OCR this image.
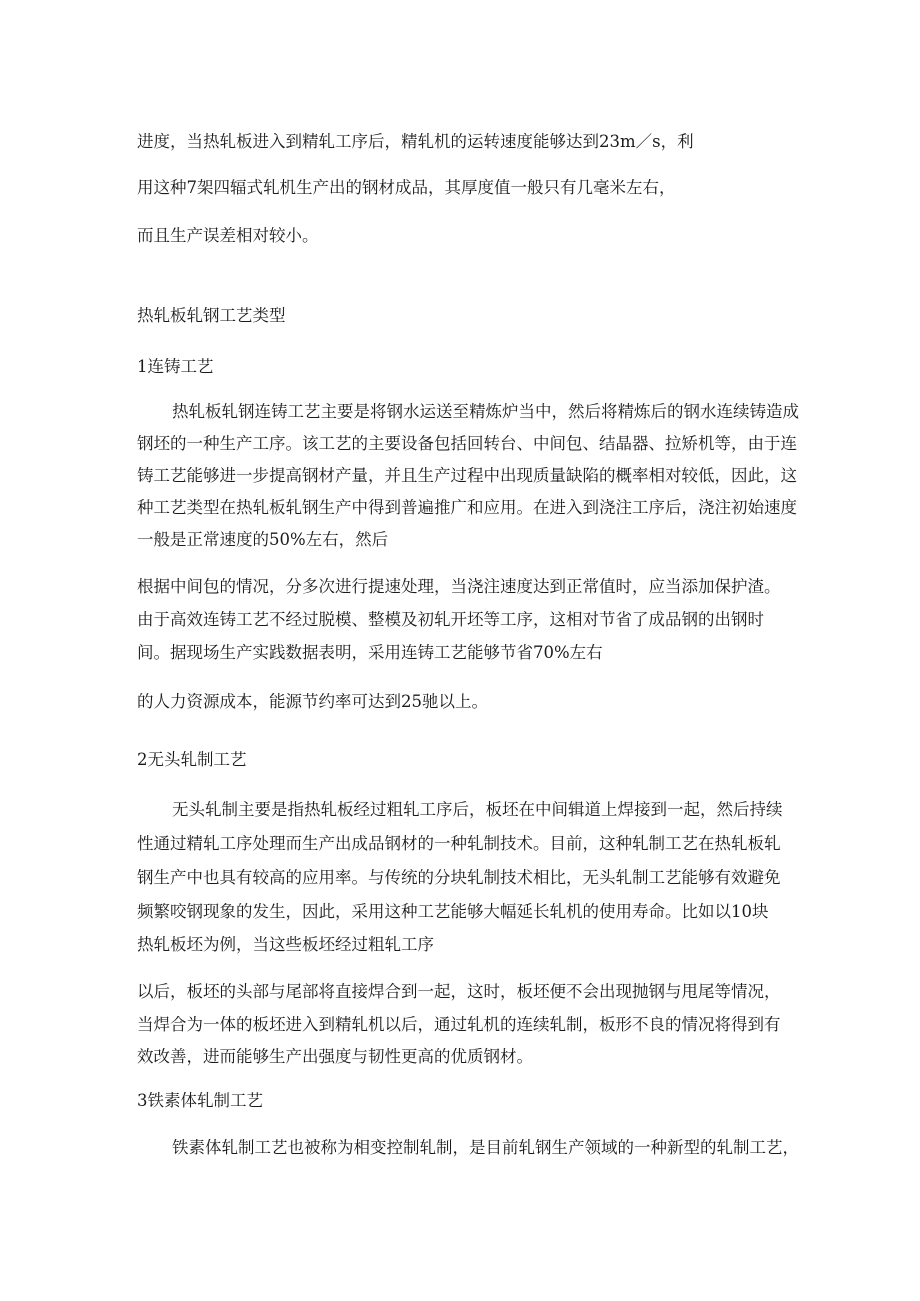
进度，当热轧板进入到精轧工序后，精轧机的运转速度能够达到23m／s，利

用这种7架四辐式轧机生产出的钢材成品，其厚度值一般只有几毫米左右，

而且生产误差相对较小。

热轧板轧钢工艺类型

1连铸工艺

热轧板轧钢连铸工艺主要是将钢水运送至精炼炉当中，然后将精炼后的钢水连续铸造成

钢坯的一种生产工序。该工艺的主要设备包括回转台、中间包、结晶器、拉矫机等，由于连

铸工艺能够进一步提高钢材产量，并且生产过程中出现质量缺陷的概率相对较低，因此，这

种工艺类型在热轧板轧钢生产中得到普遍推广和应用。在进入到浇注工序后，浇注初始速度

一般是正常速度的50%左右，然后

根据中间包的情况，分多次进行提速处理，当浇注速度达到正常值时，应当添加保护渣。

由于高效连铸工艺不经过脱模、整模及初轧开坯等工序，这相对节省了成品钢的出钢时

间。据现场生产实践数据表明，采用连铸工艺能够节省70%左右

的人力资源成本，能源节约率可达到25驰以上。

2无头轧制工艺

无头轧制主要是指热轧板经过粗轧工序后，板坯在中间辑道上焊接到一起，然后持续

性通过精轧工序处理而生产出成品钢材的一种轧制技术。目前，这种轧制工艺在热轧板轧

钢生产中也具有较高的应用率。与传统的分块轧制技术相比，无头轧制工艺能够有效避免

频繁咬钢现象的发生，因此，采用这种工艺能够大幅延长轧机的使用寿命。比如以10块

热轧板坯为例，当这些板坯经过粗轧工序

以后，板坯的头部与尾部将直接焊合到一起，这时，板坯便不会出现抛钢与甩尾等情况，

当焊合为一体的板坯进入到精轧机以后，通过轧机的连续轧制，板形不良的情况将得到有

效改善，进而能够生产出强度与韧性更高的优质钢材。

3铁素体轧制工艺

铁素体轧制工艺也被称为相变控制轧制，是目前轧钢生产领域的一种新型的轧制工艺，
